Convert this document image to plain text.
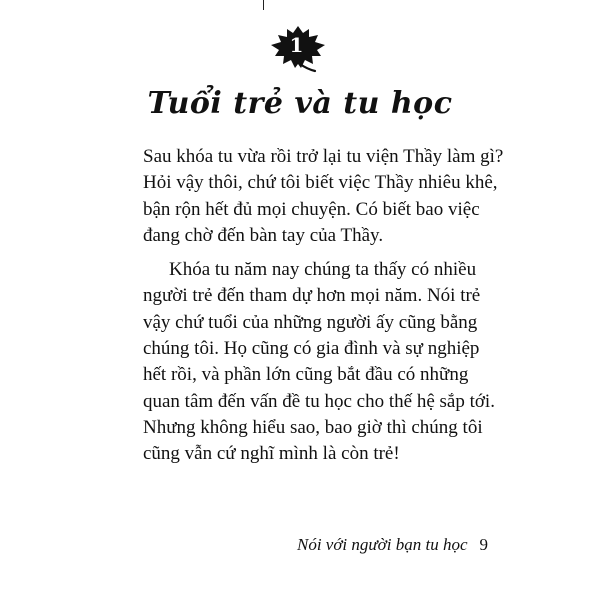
1
Tuổi trẻ và tu học

Sau khóa tu vừa rồi trở lại tu viện Thầy làm gì?
Hỏi vậy thôi, chứ tôi biết việc Thầy nhiêu khê,
bận rộn hết đủ mọi chuyện. Có biết bao việc
đang chờ đến bàn tay của Thầy.

Khóa tu năm nay chúng ta thấy có nhiều
người trẻ đến tham dự hơn mọi năm. Nói trẻ
vậy chứ tuổi của những người ấy cũng bằng
chúng tôi. Họ cũng có gia đình và sự nghiệp
hết rồi, và phần lớn cũng bắt đầu có những
quan tâm đến vấn đề tu học cho thế hệ sắp tới.
Nhưng không hiểu sao, bao giờ thì chúng tôi
cũng vẫn cứ nghĩ mình là còn trẻ!

Nói với người bạn tu học 9
